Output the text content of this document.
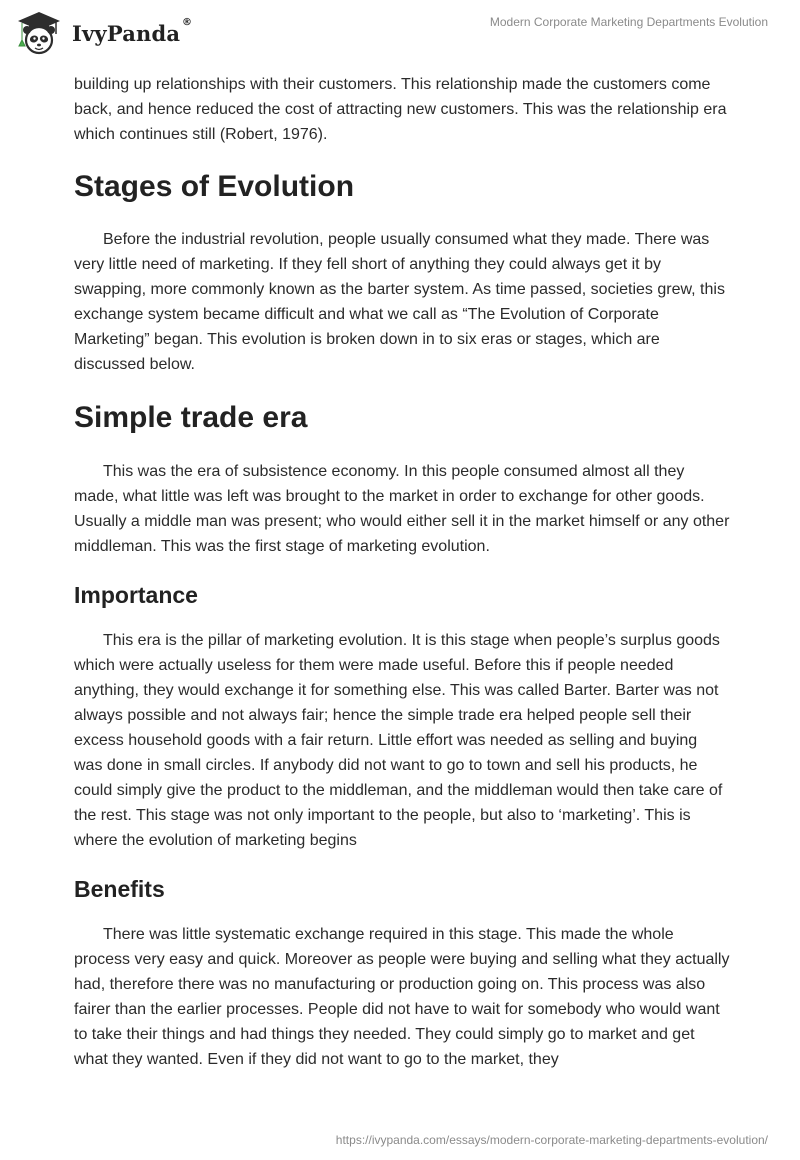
IvyPanda ®	Modern Corporate Marketing Departments Evolution

building up relationships with their customers. This relationship made the customers come back, and hence reduced the cost of attracting new customers. This was the relationship era which continues still (Robert, 1976).

Stages of Evolution

Before the industrial revolution, people usually consumed what they made. There was very little need of marketing. If they fell short of anything they could always get it by swapping, more commonly known as the barter system. As time passed, societies grew, this exchange system became difficult and what we call as “The Evolution of Corporate Marketing” began. This evolution is broken down in to six eras or stages, which are discussed below.

Simple trade era

This was the era of subsistence economy. In this people consumed almost all they made, what little was left was brought to the market in order to exchange for other goods. Usually a middle man was present; who would either sell it in the market himself or any other middleman. This was the first stage of marketing evolution.

Importance

This era is the pillar of marketing evolution. It is this stage when people’s surplus goods which were actually useless for them were made useful. Before this if people needed anything, they would exchange it for something else. This was called Barter. Barter was not always possible and not always fair; hence the simple trade era helped people sell their excess household goods with a fair return. Little effort was needed as selling and buying was done in small circles. If anybody did not want to go to town and sell his products, he could simply give the product to the middleman, and the middleman would then take care of the rest. This stage was not only important to the people, but also to ‘marketing’. This is where the evolution of marketing begins

Benefits

There was little systematic exchange required in this stage. This made the whole process very easy and quick. Moreover as people were buying and selling what they actually had, therefore there was no manufacturing or production going on. This process was also fairer than the earlier processes. People did not have to wait for somebody who would want to take their things and had things they needed. They could simply go to market and get what they wanted. Even if they did not want to go to the market, they

https://ivypanda.com/essays/modern-corporate-marketing-departments-evolution/
